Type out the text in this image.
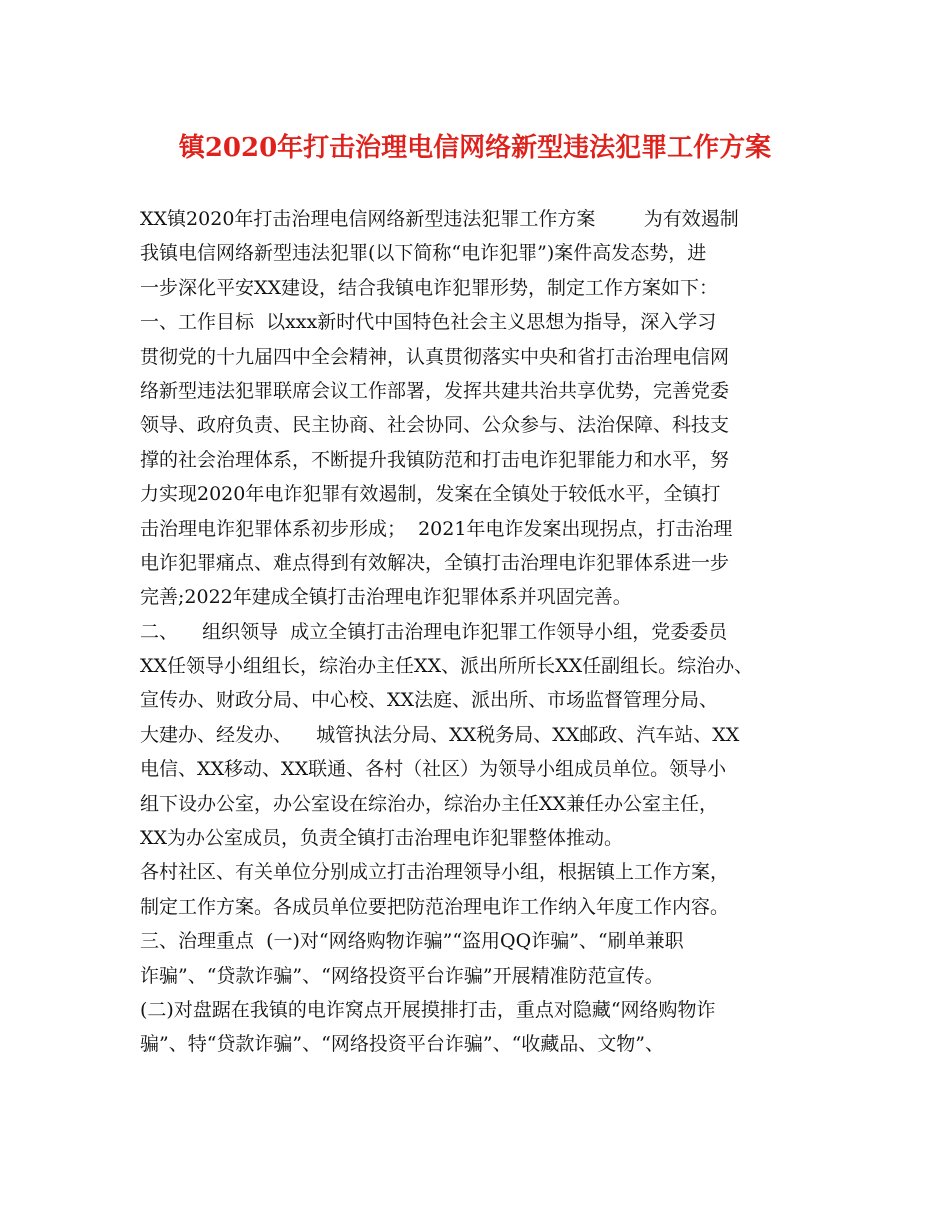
镇2020年打击治理电信网络新型违法犯罪工作方案
XX镇2020年打击治理电信网络新型违法犯罪工作方案        为有效遏制
我镇电信网络新型违法犯罪(以下简称“电诈犯罪”)案件高发态势，进
一步深化平安XX建设，结合我镇电诈犯罪形势，制定工作方案如下：
一、工作目标  以xxx新时代中国特色社会主义思想为指导，深入学习
贯彻党的十九届四中全会精神，认真贯彻落实中央和省打击治理电信网
络新型违法犯罪联席会议工作部署，发挥共建共治共享优势，完善党委
领导、政府负责、民主协商、社会协同、公众参与、法治保障、科技支
撑的社会治理体系，不断提升我镇防范和打击电诈犯罪能力和水平，努
力实现2020年电诈犯罪有效遏制，发案在全镇处于较低水平，全镇打
击治理电诈犯罪体系初步形成；  2021年电诈发案出现拐点，打击治理
电诈犯罪痛点、难点得到有效解决，全镇打击治理电诈犯罪体系进一步
完善;2022年建成全镇打击治理电诈犯罪体系并巩固完善。
二、    组织领导  成立全镇打击治理电诈犯罪工作领导小组，党委委员
XX任领导小组组长，综治办主任XX、派出所所长XX任副组长。综治办、
宣传办、财政分局、中心校、XX法庭、派出所、市场监督管理分局、
大建办、经发办、    城管执法分局、XX税务局、XX邮政、汽车站、XX
电信、XX移动、XX联通、各村（社区）为领导小组成员单位。领导小
组下设办公室，办公室设在综治办，综治办主任XX兼任办公室主任，
XX为办公室成员，负责全镇打击治理电诈犯罪整体推动。
各村社区、有关单位分别成立打击治理领导小组，根据镇上工作方案，
制定工作方案。各成员单位要把防范治理电诈工作纳入年度工作内容。
三、治理重点  (一)对“网络购物诈骗”“盗用QQ诈骗”、“刷单兼职
诈骗”、“贷款诈骗”、“网络投资平台诈骗”开展精准防范宣传。
(二)对盘踞在我镇的电诈窝点开展摸排打击，重点对隐藏“网络购物诈
骗”、特“贷款诈骗”、“网络投资平台诈骗”、“收藏品、文物”、
